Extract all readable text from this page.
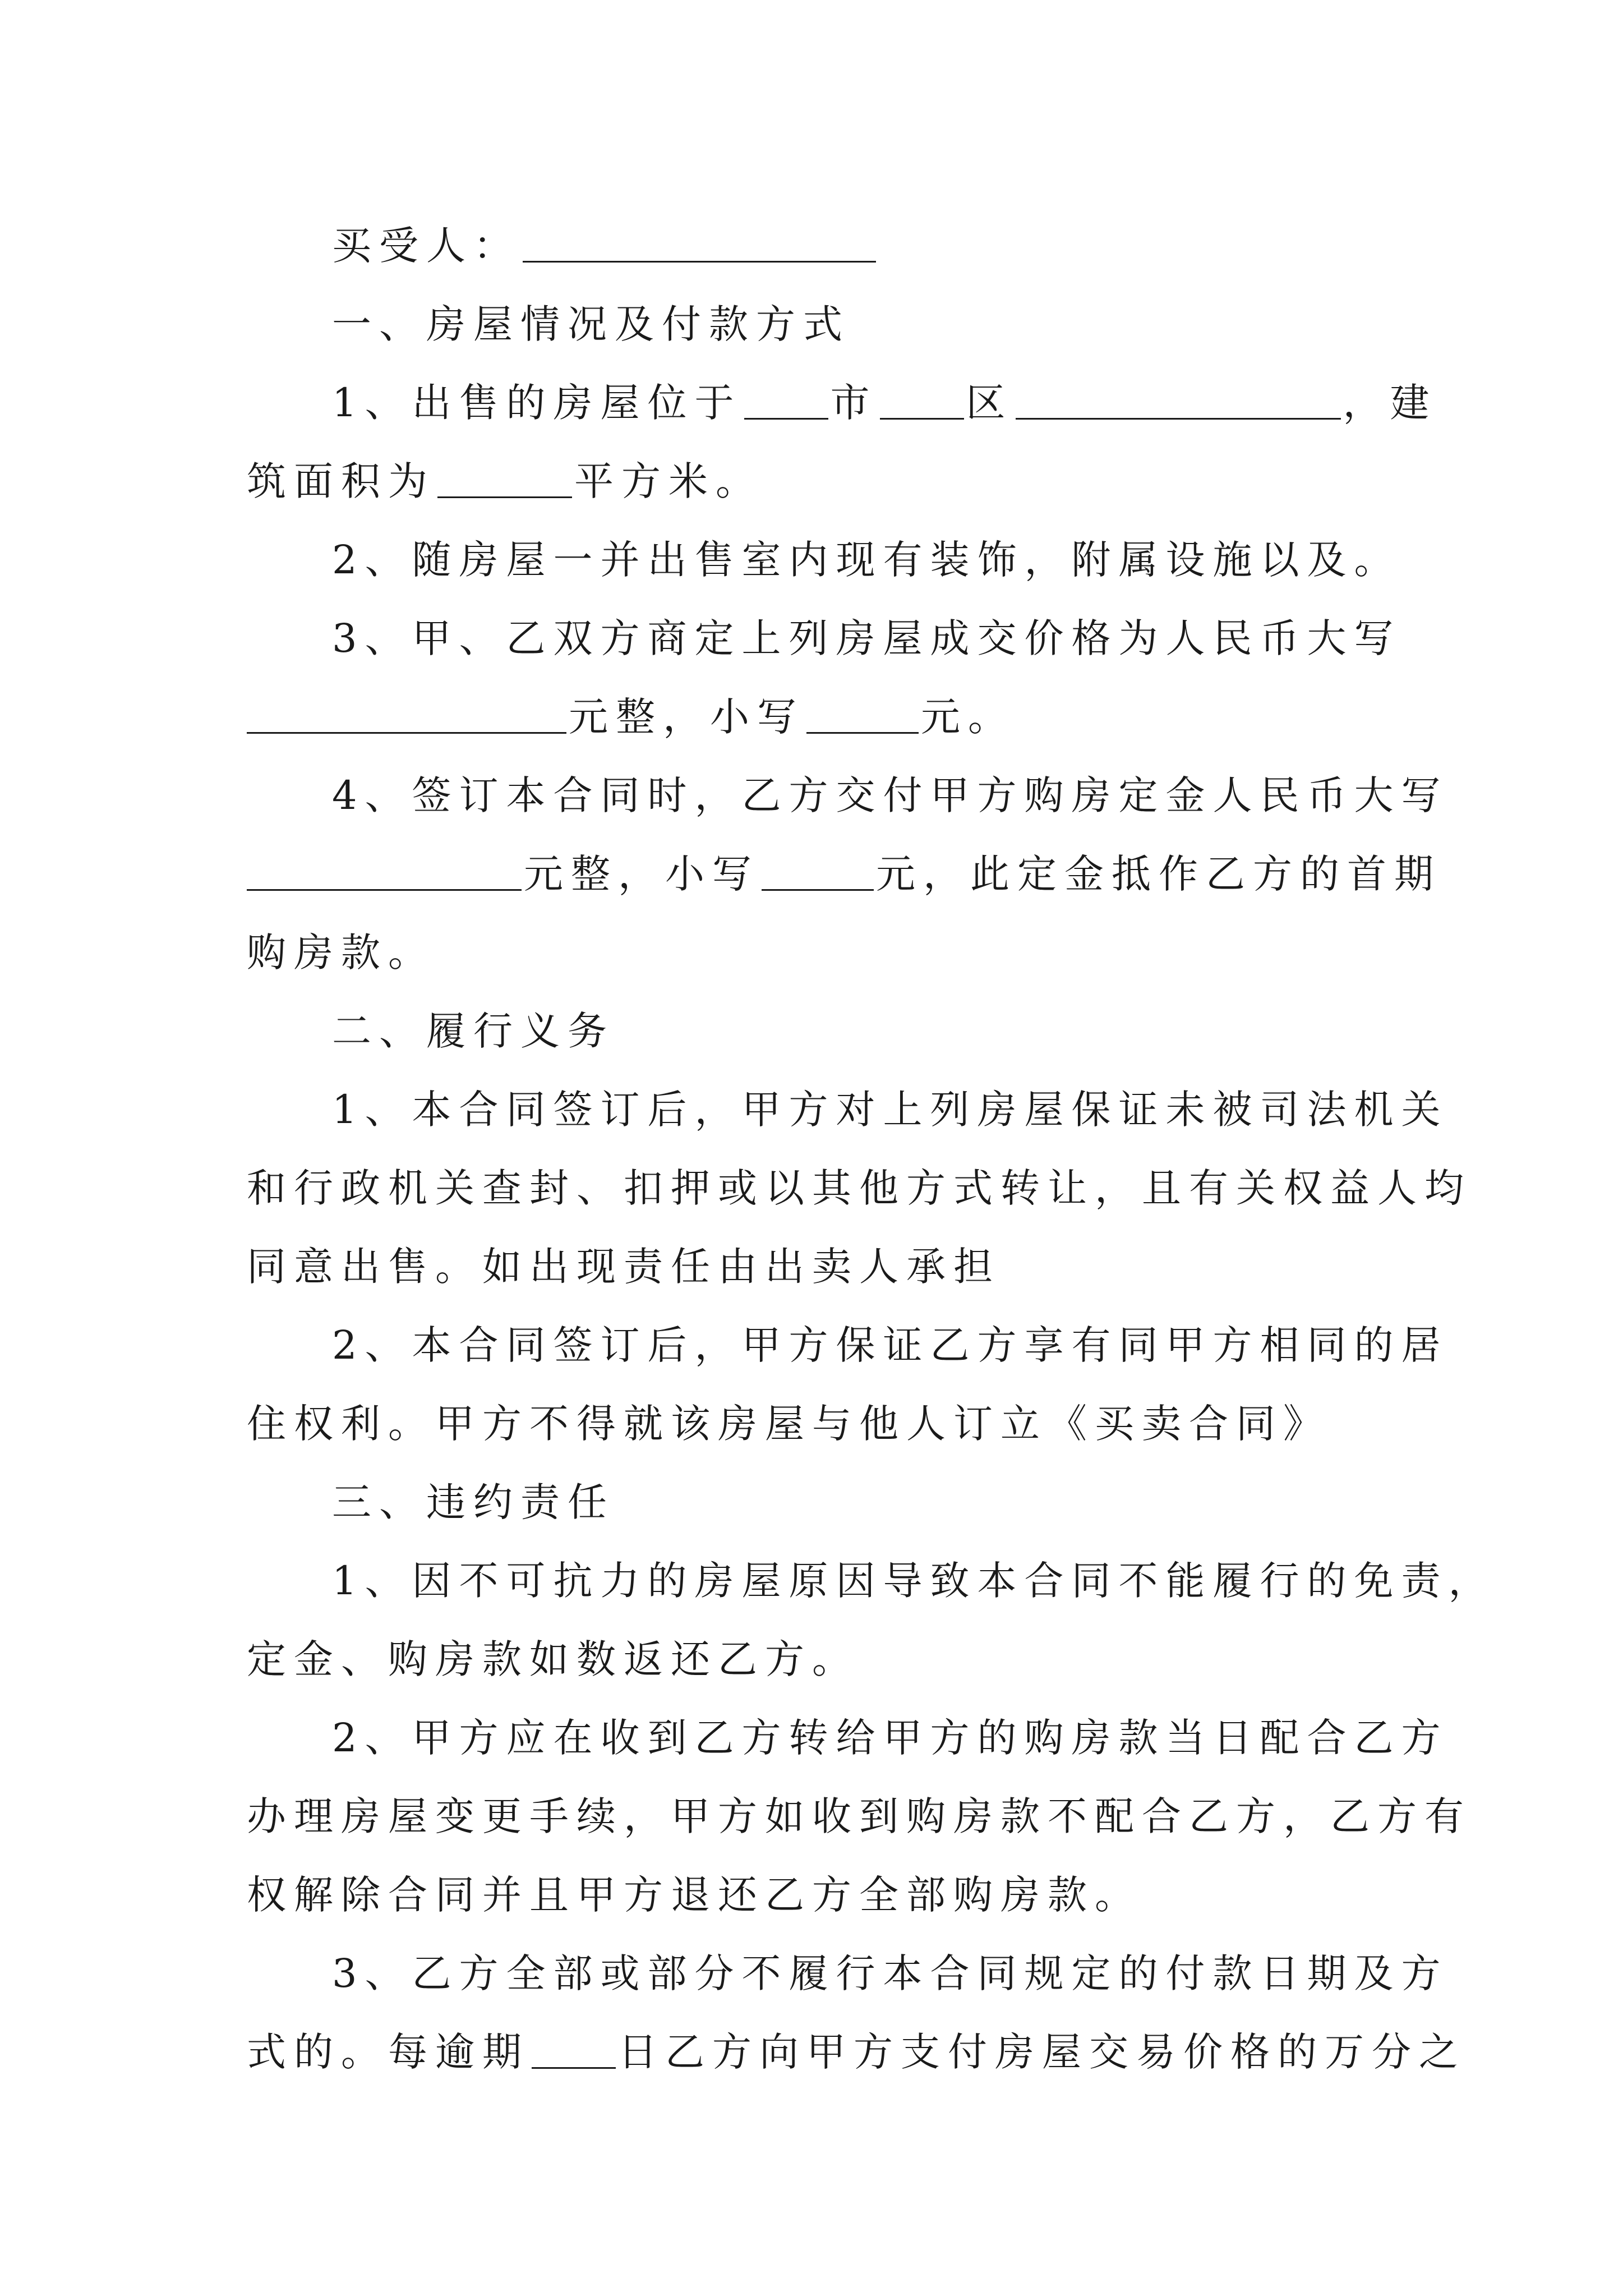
买受人：
一、房屋情况及付款方式
1、出售的房屋位于 市 区	，建
筑面积为	平方米。
2、随房屋一并出售室内现有装饰，附属设施以及。
3、甲、乙双方商定上列房屋成交价格为人民币大写
元整，小写	元。
4、签订本合同时，乙方交付甲方购房定金人民币大写
元整，小写	元，此定金抵作乙方的首期
购房款。
二、履行义务
1、本合同签订后，甲方对上列房屋保证未被司法机关
和行政机关查封、扣押或以其他方式转让，且有关权益人均
同意出售。如出现责任由出卖人承担
2、本合同签订后，甲方保证乙方享有同甲方相同的居
住权利。甲方不得就该房屋与他人订立《买卖合同》
三、违约责任
1、因不可抗力的房屋原因导致本合同不能履行的免责，
定金、购房款如数返还乙方。
2、甲方应在收到乙方转给甲方的购房款当日配合乙方
办理房屋变更手续，甲方如收到购房款不配合乙方，乙方有
权解除合同并且甲方退还乙方全部购房款。
3、乙方全部或部分不履行本合同规定的付款日期及方
式的。每逾期 日乙方向甲方支付房屋交易价格的万分之
